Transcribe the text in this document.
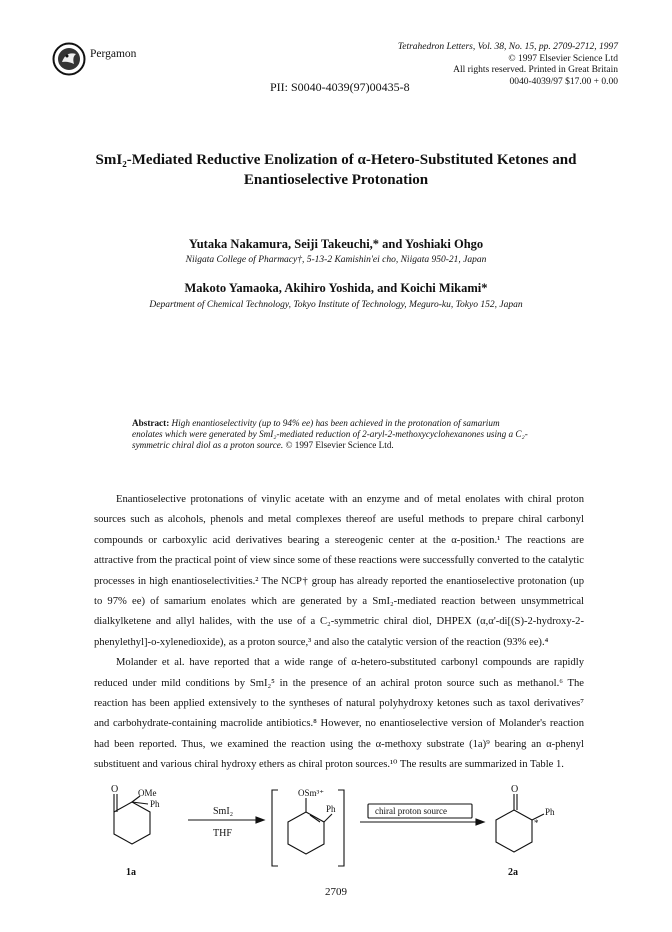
Pergamon
PII: S0040-4039(97)00435-8
Tetrahedron Letters, Vol. 38, No. 15, pp. 2709-2712, 1997
© 1997 Elsevier Science Ltd
All rights reserved. Printed in Great Britain
0040-4039/97 $17.00 + 0.00
SmI₂-Mediated Reductive Enolization of α-Hetero-Substituted Ketones and
Enantioselective Protonation
Yutaka Nakamura, Seiji Takeuchi,* and Yoshiaki Ohgo
Niigata College of Pharmacy†, 5-13-2 Kamishin'ei cho, Niigata 950-21, Japan
Makoto Yamaoka, Akihiro Yoshida, and Koichi Mikami*
Department of Chemical Technology, Tokyo Institute of Technology, Meguro-ku, Tokyo 152, Japan
Abstract: High enantioselectivity (up to 94% ee) has been achieved in the protonation of samarium enolates which were generated by SmI₂-mediated reduction of 2-aryl-2-methoxycyclohexanones using a C₂-symmetric chiral diol as a proton source. © 1997 Elsevier Science Ltd.

Enantioselective protonations of vinylic acetate with an enzyme and of metal enolates with chiral proton sources such as alcohols, phenols and metal complexes thereof are useful methods to prepare chiral carbonyl compounds or carboxylic acid derivatives bearing a stereogenic center at the α-position.¹ The reactions are attractive from the practical point of view since some of these reactions were successfully converted to the catalytic processes in high enantioselectivities.² The NCP† group has already reported the enantioselective protonation (up to 97% ee) of samarium enolates which are generated by a SmI₂-mediated reaction between unsymmetrical dialkylketene and allyl halides, with the use of a C₂-symmetric chiral diol, DHPEX (α,α'-di[(S)-2-hydroxy-2-phenylethyl]-o-xylenedioxide), as a proton source,³ and also the catalytic version of the reaction (93% ee).⁴

Molander et al. have reported that a wide range of α-hetero-substituted carbonyl compounds are rapidly reduced under mild conditions by SmI₂⁵ in the presence of an achiral proton source such as methanol.⁶ The reaction has been applied extensively to the syntheses of natural polyhydroxy ketones such as taxol derivatives⁷ and carbohydrate-containing macrolide antibiotics.⁸ However, no enantioselective version of Molander's reaction had been reported. Thus, we examined the reaction using the α-methoxy substrate (1a)⁹ bearing an α-phenyl substituent and various chiral hydroxy ethers as chiral proton sources.¹⁰ The results are summarized in Table 1.

O OMe
Ph
1a
SmI₂
THF
OSm³⁺
Ph	chiral proton source
O
*
Ph
2a
2709
